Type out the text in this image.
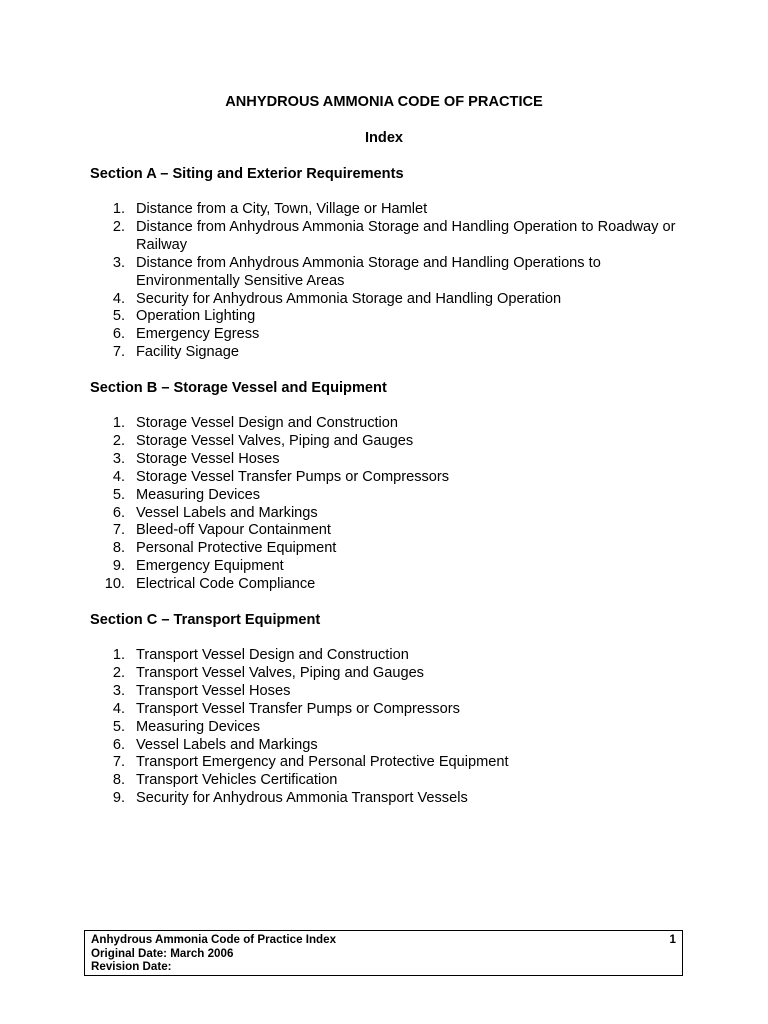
ANHYDROUS AMMONIA CODE OF PRACTICE
Index
Section A – Siting and Exterior Requirements
1. Distance from a City, Town, Village or Hamlet
2. Distance from Anhydrous Ammonia Storage and Handling Operation to Roadway or Railway
3. Distance from Anhydrous Ammonia Storage and Handling Operations to Environmentally Sensitive Areas
4. Security for Anhydrous Ammonia Storage and Handling Operation
5. Operation Lighting
6. Emergency Egress
7. Facility Signage
Section B – Storage Vessel and Equipment
1. Storage Vessel Design and Construction
2. Storage Vessel Valves, Piping and Gauges
3. Storage Vessel Hoses
4. Storage Vessel Transfer Pumps or Compressors
5. Measuring Devices
6. Vessel Labels and Markings
7. Bleed-off Vapour Containment
8. Personal Protective Equipment
9. Emergency Equipment
10. Electrical Code Compliance
Section C – Transport Equipment
1. Transport Vessel Design and Construction
2. Transport Vessel Valves, Piping and Gauges
3. Transport Vessel Hoses
4. Transport Vessel Transfer Pumps or Compressors
5. Measuring Devices
6. Vessel Labels and Markings
7. Transport Emergency and Personal Protective Equipment
8. Transport Vehicles Certification
9. Security for Anhydrous Ammonia Transport Vessels
Anhydrous Ammonia Code of Practice Index	1
Original Date: March 2006
Revision Date:
